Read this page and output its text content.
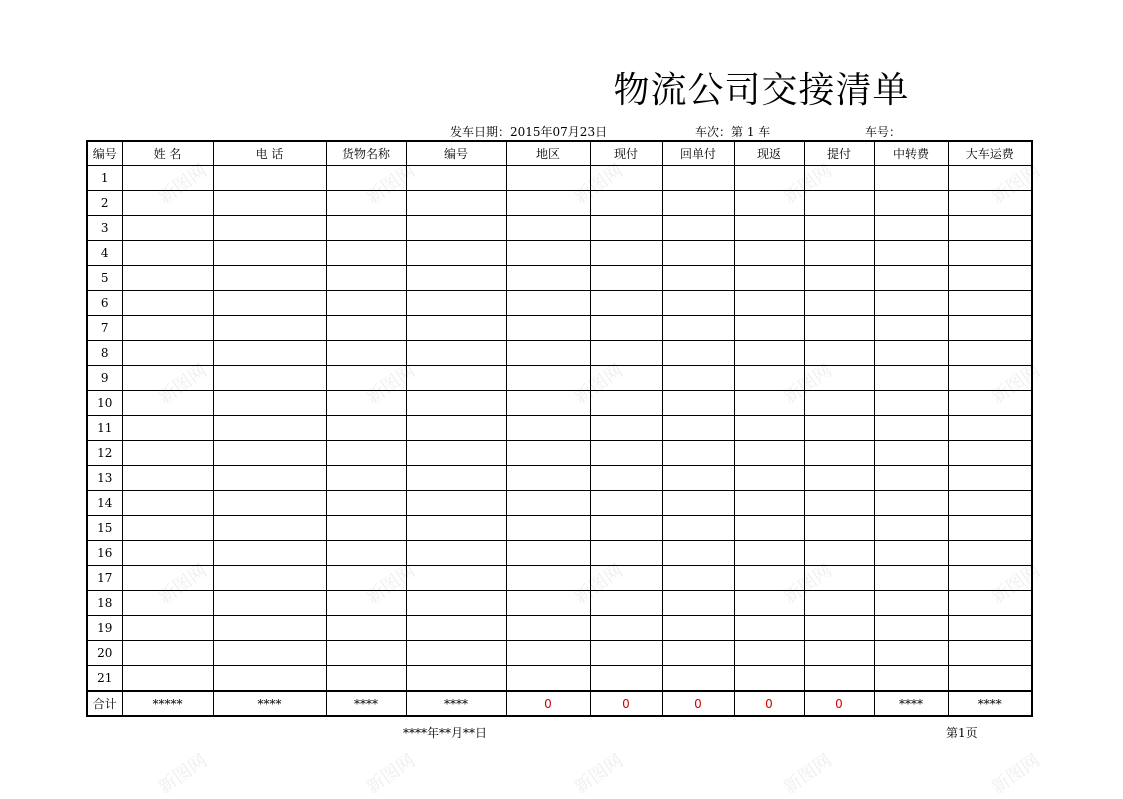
物流公司交接清单
发车日期：2015年07月23日	车次：第 1 车	车号：
编号	姓 名	电 话	货物名称	编号	地区	现付	回单付	现返	提付	中转费	大车运费
1											
2											
3											
4											
5											
6											
7											
8											
9											
10											
11											
12											
13											
14											
15											
16											
17											
18											
19											
20											
21											
合计	*****	****	****	****	0	0	0	0	0	****	****
****年**月**日	第1页
新图网	新图网	新图网	新图网	新图网
新图网	新图网	新图网	新图网	新图网
新图网	新图网	新图网	新图网	新图网
新图网	新图网	新图网	新图网	新图网
